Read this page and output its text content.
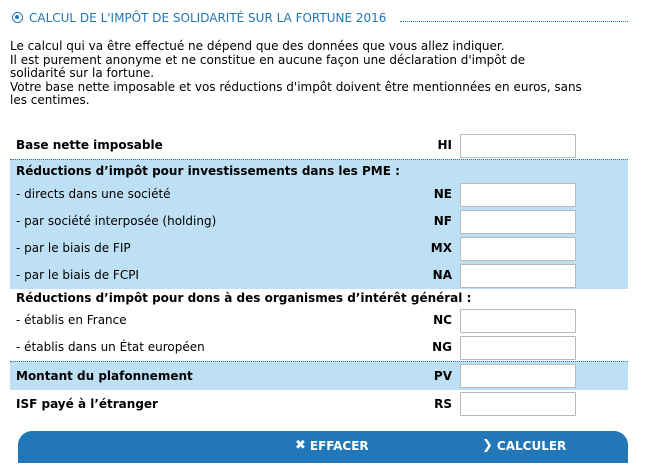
CALCUL DE L'IMPÔT DE SOLIDARITÉ SUR LA FORTUNE 2016

Le calcul qui va être effectué ne dépend que des données que vous allez indiquer.

Il est purement anonyme et ne constitue en aucune façon une déclaration d'impôt de

solidarité sur la fortune.

Votre base nette imposable et vos réductions d'impôt doivent être mentionnées en euros, sans

les centimes.

Base nette imposable	HI
Réductions d’impôt pour investissements dans les PME :
- directs dans une société	NE
- par société interposée (holding)	NF
- par le biais de FIP	MX
- par le biais de FCPI	NA
Réductions d’impôt pour dons à des organismes d’intérêt général :
- établis en France	NC
- établis dans un État européen	NG
Montant du plafonnement	PV
ISF payé à l’étranger	RS
✖ EFFACER	❯ CALCULER
